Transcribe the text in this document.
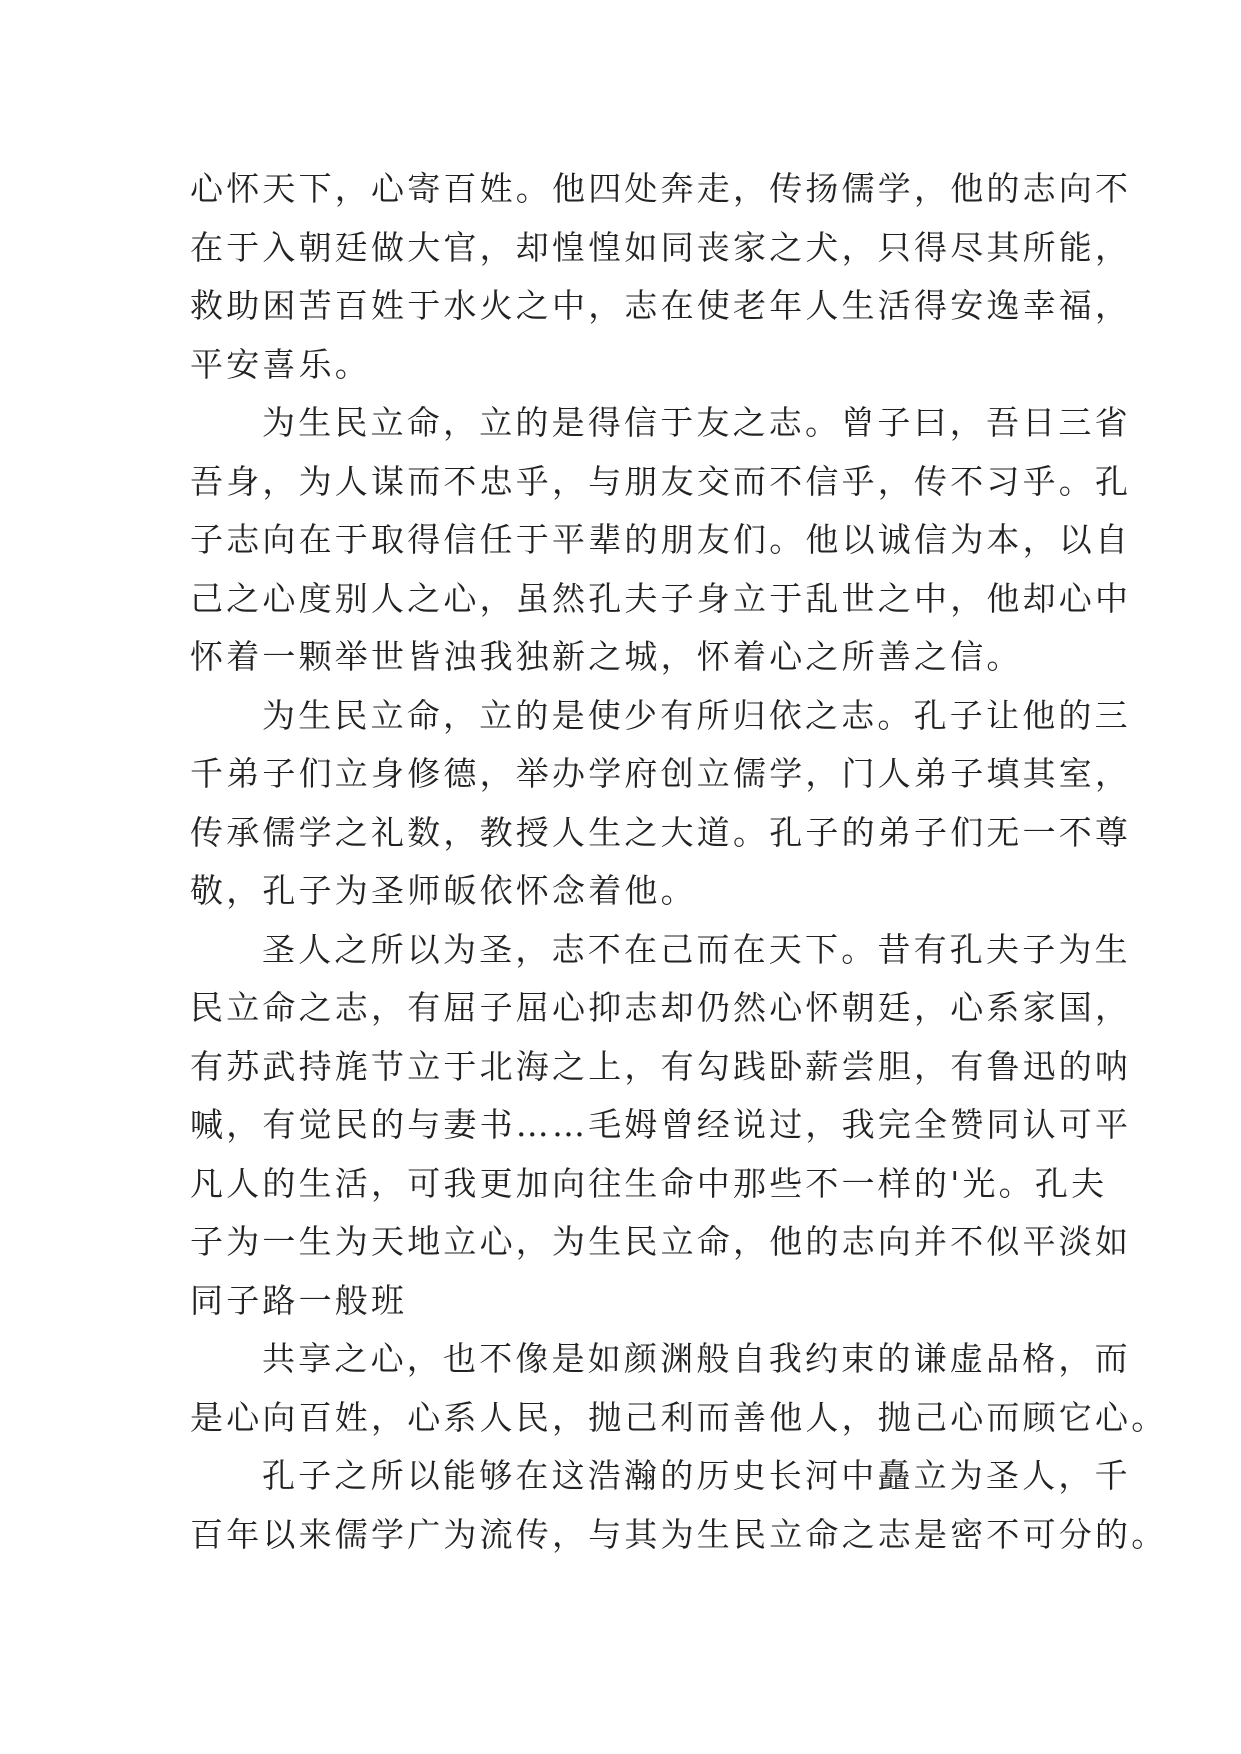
心怀天下，心寄百姓。他四处奔走，传扬儒学，他的志向不
在于入朝廷做大官，却惶惶如同丧家之犬，只得尽其所能，
救助困苦百姓于水火之中，志在使老年人生活得安逸幸福，
平安喜乐。
为生民立命，立的是得信于友之志。曾子曰，吾日三省
吾身，为人谋而不忠乎，与朋友交而不信乎，传不习乎。孔
子志向在于取得信任于平辈的朋友们。他以诚信为本，以自
己之心度别人之心，虽然孔夫子身立于乱世之中，他却心中
怀着一颗举世皆浊我独新之城，怀着心之所善之信。
为生民立命，立的是使少有所归依之志。孔子让他的三
千弟子们立身修德，举办学府创立儒学，门人弟子填其室，
传承儒学之礼数，教授人生之大道。孔子的弟子们无一不尊
敬，孔子为圣师皈依怀念着他。
圣人之所以为圣，志不在己而在天下。昔有孔夫子为生
民立命之志，有屈子屈心抑志却仍然心怀朝廷，心系家国，
有苏武持旄节立于北海之上，有勾践卧薪尝胆，有鲁迅的呐
喊，有觉民的与妻书……毛姆曾经说过，我完全赞同认可平
凡人的生活，可我更加向往生命中那些不一样的'光。孔夫
子为一生为天地立心，为生民立命，他的志向并不似平淡如
同子路一般班
共享之心，也不像是如颜渊般自我约束的谦虚品格，而
是心向百姓，心系人民，抛己利而善他人，抛己心而顾它心。
孔子之所以能够在这浩瀚的历史长河中矗立为圣人，千
百年以来儒学广为流传，与其为生民立命之志是密不可分的。
